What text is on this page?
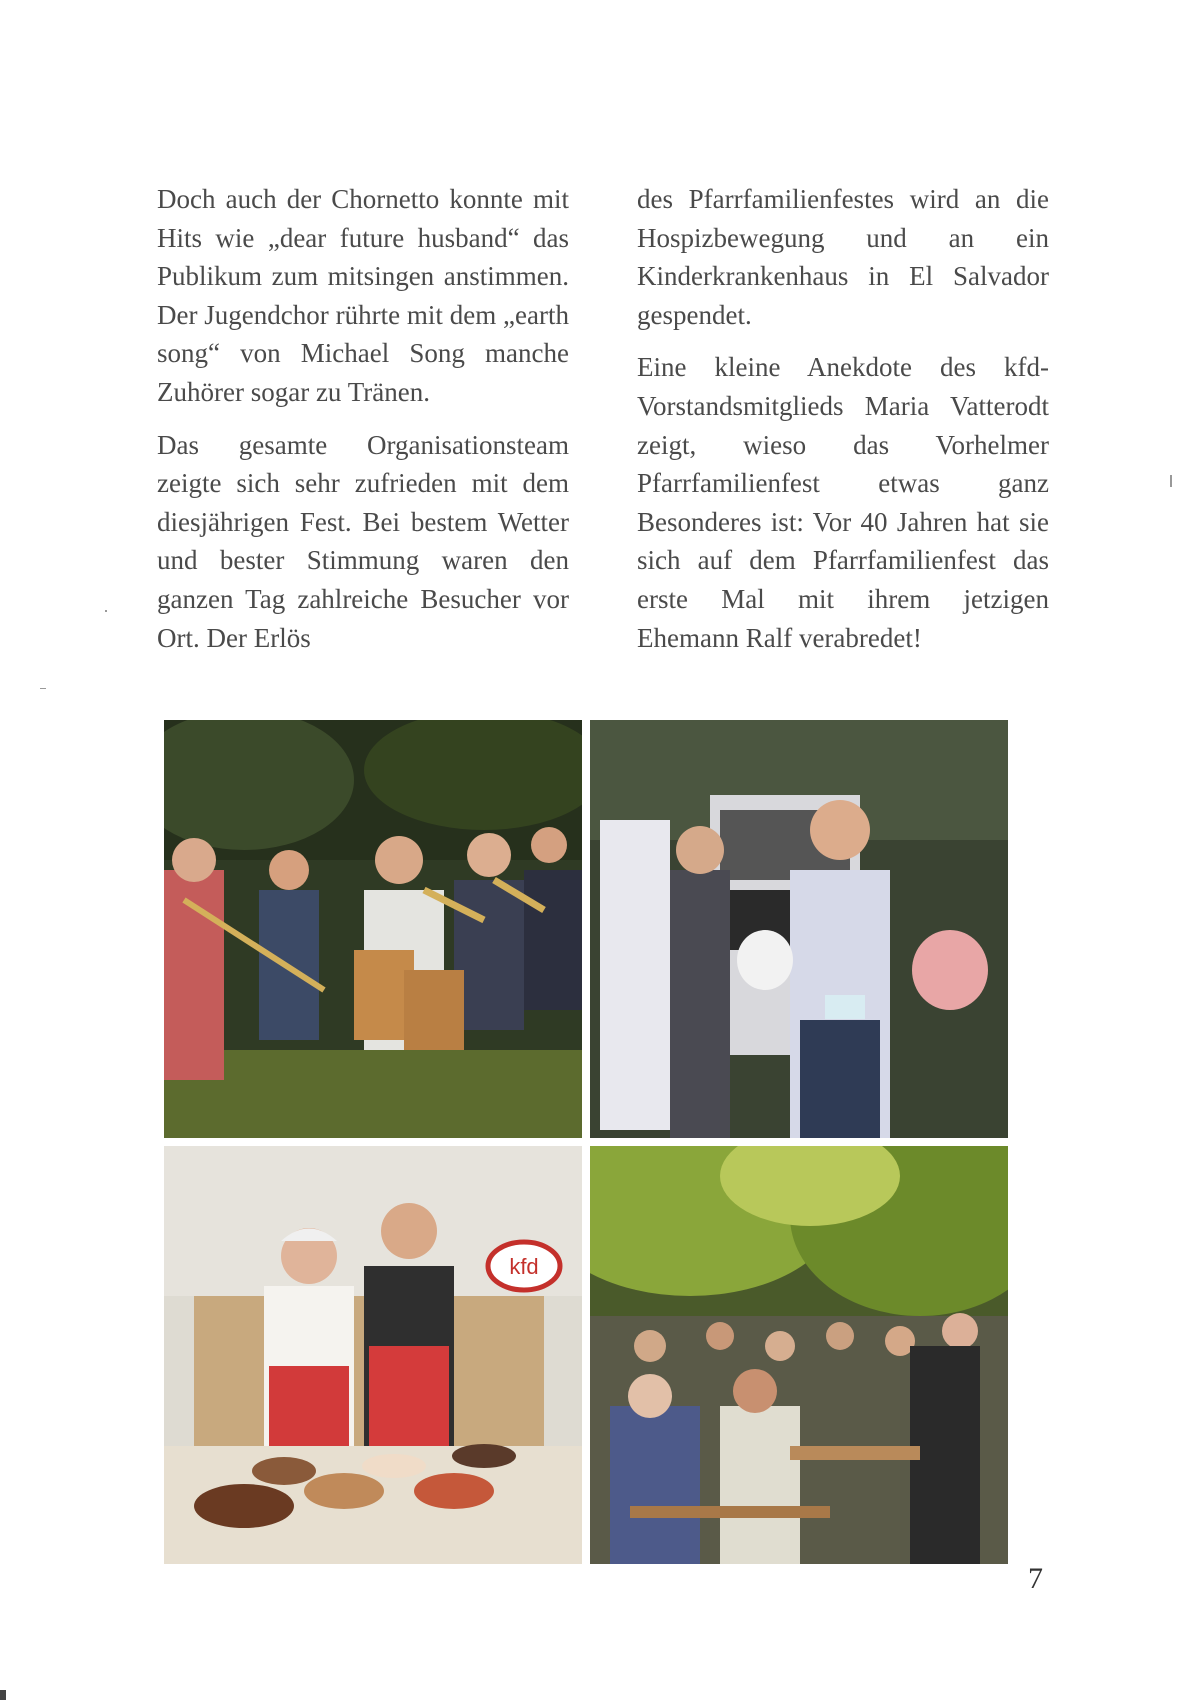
Doch auch der Chornetto konnte mit Hits wie „dear future husband“ das Publikum zum mitsingen anstimmen. Der Jugendchor rührte mit dem „earth song“ von Michael Song manche Zuhörer sogar zu Tränen.

Das gesamte Organisationsteam zeigte sich sehr zufrieden mit dem diesjährigen Fest. Bei bestem Wetter und bester Stimmung waren den ganzen Tag zahlreiche Besucher vor Ort. Der Erlös

des Pfarrfamilienfestes wird an die Hospizbewegung und an ein Kinderkrankenhaus in El Salvador gespendet.

Eine kleine Anekdote des kfd-Vorstandsmitglieds Maria Vatterodt zeigt, wieso das Vorhelmer Pfarrfamilienfest etwas ganz Besonderes ist: Vor 40 Jahren hat sie sich auf dem Pfarrfamilienfest das erste Mal mit ihrem jetzigen Ehemann Ralf verabredet!

kfd
7
